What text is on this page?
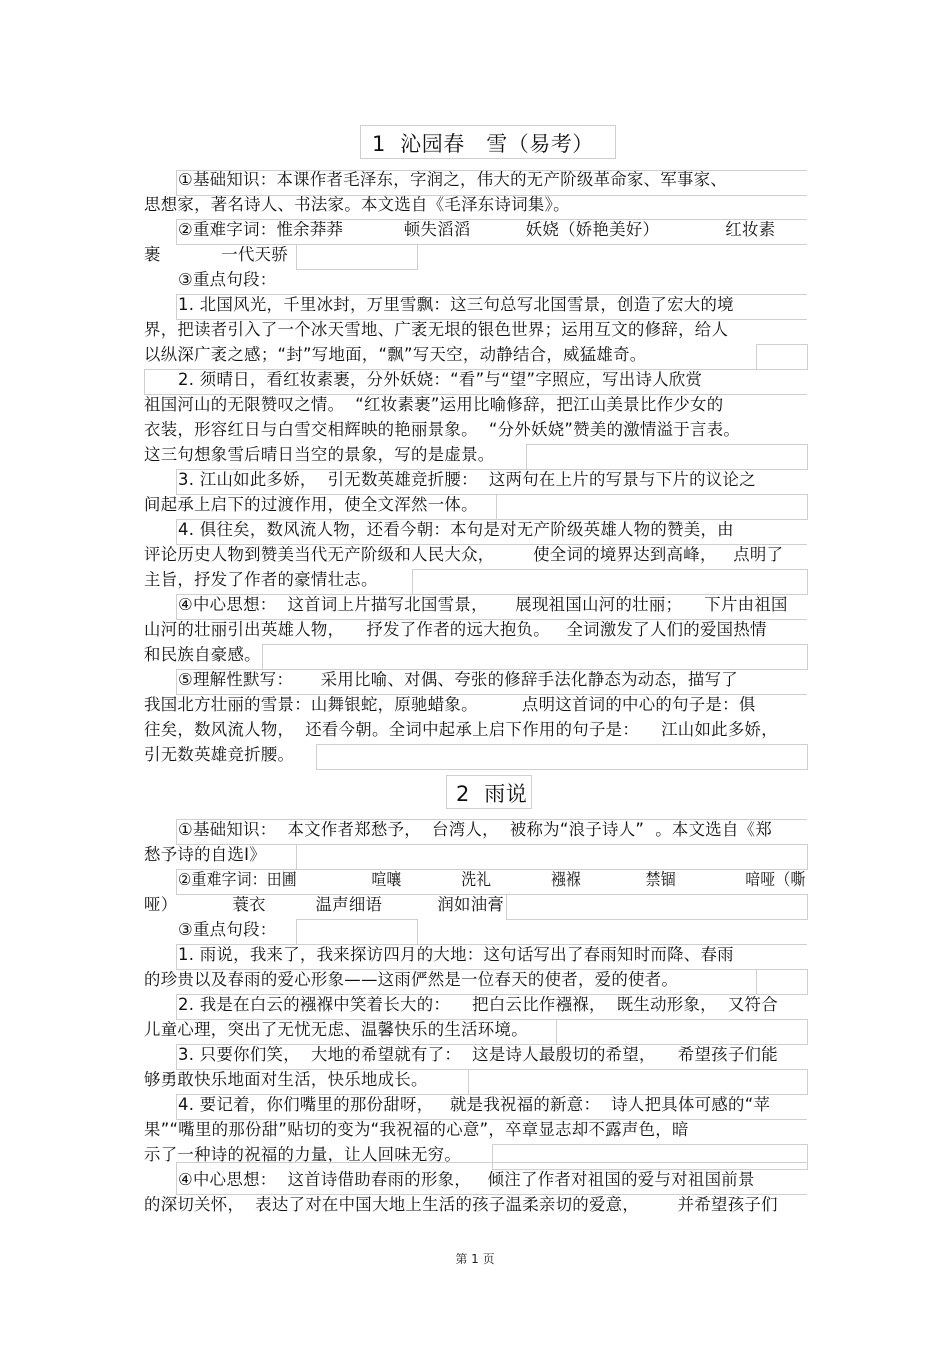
1  沁园春   雪（易考）
①基础知识：本课作者毛泽东，字润之，伟大的无产阶级革命家、军事家、
思想家，著名诗人、书法家。本文选自《毛泽东诗词集》。
②重难字词：惟余莽莽           顿失滔滔          妖娆（娇艳美好）            红妆素
裹           一代天骄
③重点句段：
1. 北国风光，千里冰封，万里雪飘：这三句总写北国雪景，创造了宏大的境
界，把读者引入了一个冰天雪地、广袤无垠的银色世界；运用互文的修辞，给人
以纵深广袤之感；“封”写地面，“飘”写天空，动静结合，威猛雄奇。
2. 须晴日，看红妆素裹，分外妖娆：“看”与“望”字照应，写出诗人欣赏
祖国河山的无限赞叹之情。  “红妆素裹”运用比喻修辞，把江山美景比作少女的
衣装，形容红日与白雪交相辉映的艳丽景象。  “分外妖娆”赞美的激情溢于言表。
这三句想象雪后晴日当空的景象，写的是虚景。
3. 江山如此多娇，  引无数英雄竞折腰：  这两句在上片的写景与下片的议论之
间起承上启下的过渡作用，使全文浑然一体。
4. 俱往矣，数风流人物，还看今朝：本句是对无产阶级英雄人物的赞美，由
评论历史人物到赞美当代无产阶级和人民大众，       使全词的境界达到高峰，   点明了
主旨，抒发了作者的豪情壮志。
④中心思想：  这首词上片描写北国雪景，     展现祖国山河的壮丽；    下片由祖国
山河的壮丽引出英雄人物，    抒发了作者的远大抱负。   全词激发了人们的爱国热情
和民族自豪感。
⑤理解性默写：     采用比喻、对偶、夸张的修辞手法化静态为动态，描写了
我国北方壮丽的雪景：山舞银蛇，原驰蜡象。        点明这首词的中心的句子是：俱
往矣，数风流人物，  还看今朝。全词中起承上启下作用的句子是：    江山如此多娇，
引无数英雄竞折腰。
2  雨说
①基础知识：  本文作者郑愁予，  台湾人，  被称为“浪子诗人”  。本文选自《郑
愁予诗的自选Ⅰ》
②重难字词：田圃               喧嚷            洗礼            襁褓             禁锢              喑哑（嘶
哑）          蓑衣         温声细语          润如油膏
③重点句段：
1. 雨说，我来了，我来探访四月的大地：这句话写出了春雨知时而降、春雨
的珍贵以及春雨的爱心形象——这雨俨然是一位春天的使者，爱的使者。
2. 我是在白云的襁褓中笑着长大的：    把白云比作襁褓，  既生动形象，  又符合
儿童心理，突出了无忧无虑、温馨快乐的生活环境。
3. 只要你们笑，  大地的希望就有了：  这是诗人最殷切的希望，    希望孩子们能
够勇敢快乐地面对生活，快乐地成长。
4. 要记着，你们嘴里的那份甜呀，   就是我祝福的新意：  诗人把具体可感的“苹
果”“嘴里的那份甜”贴切的变为“我祝福的心意”，卒章显志却不露声色，暗
示了一种诗的祝福的力量，让人回味无穷。
④中心思想：  这首诗借助春雨的形象，   倾注了作者对祖国的爱与对祖国前景
的深切关怀，  表达了对在中国大地上生活的孩子温柔亲切的爱意，       并希望孩子们
第 1 页
